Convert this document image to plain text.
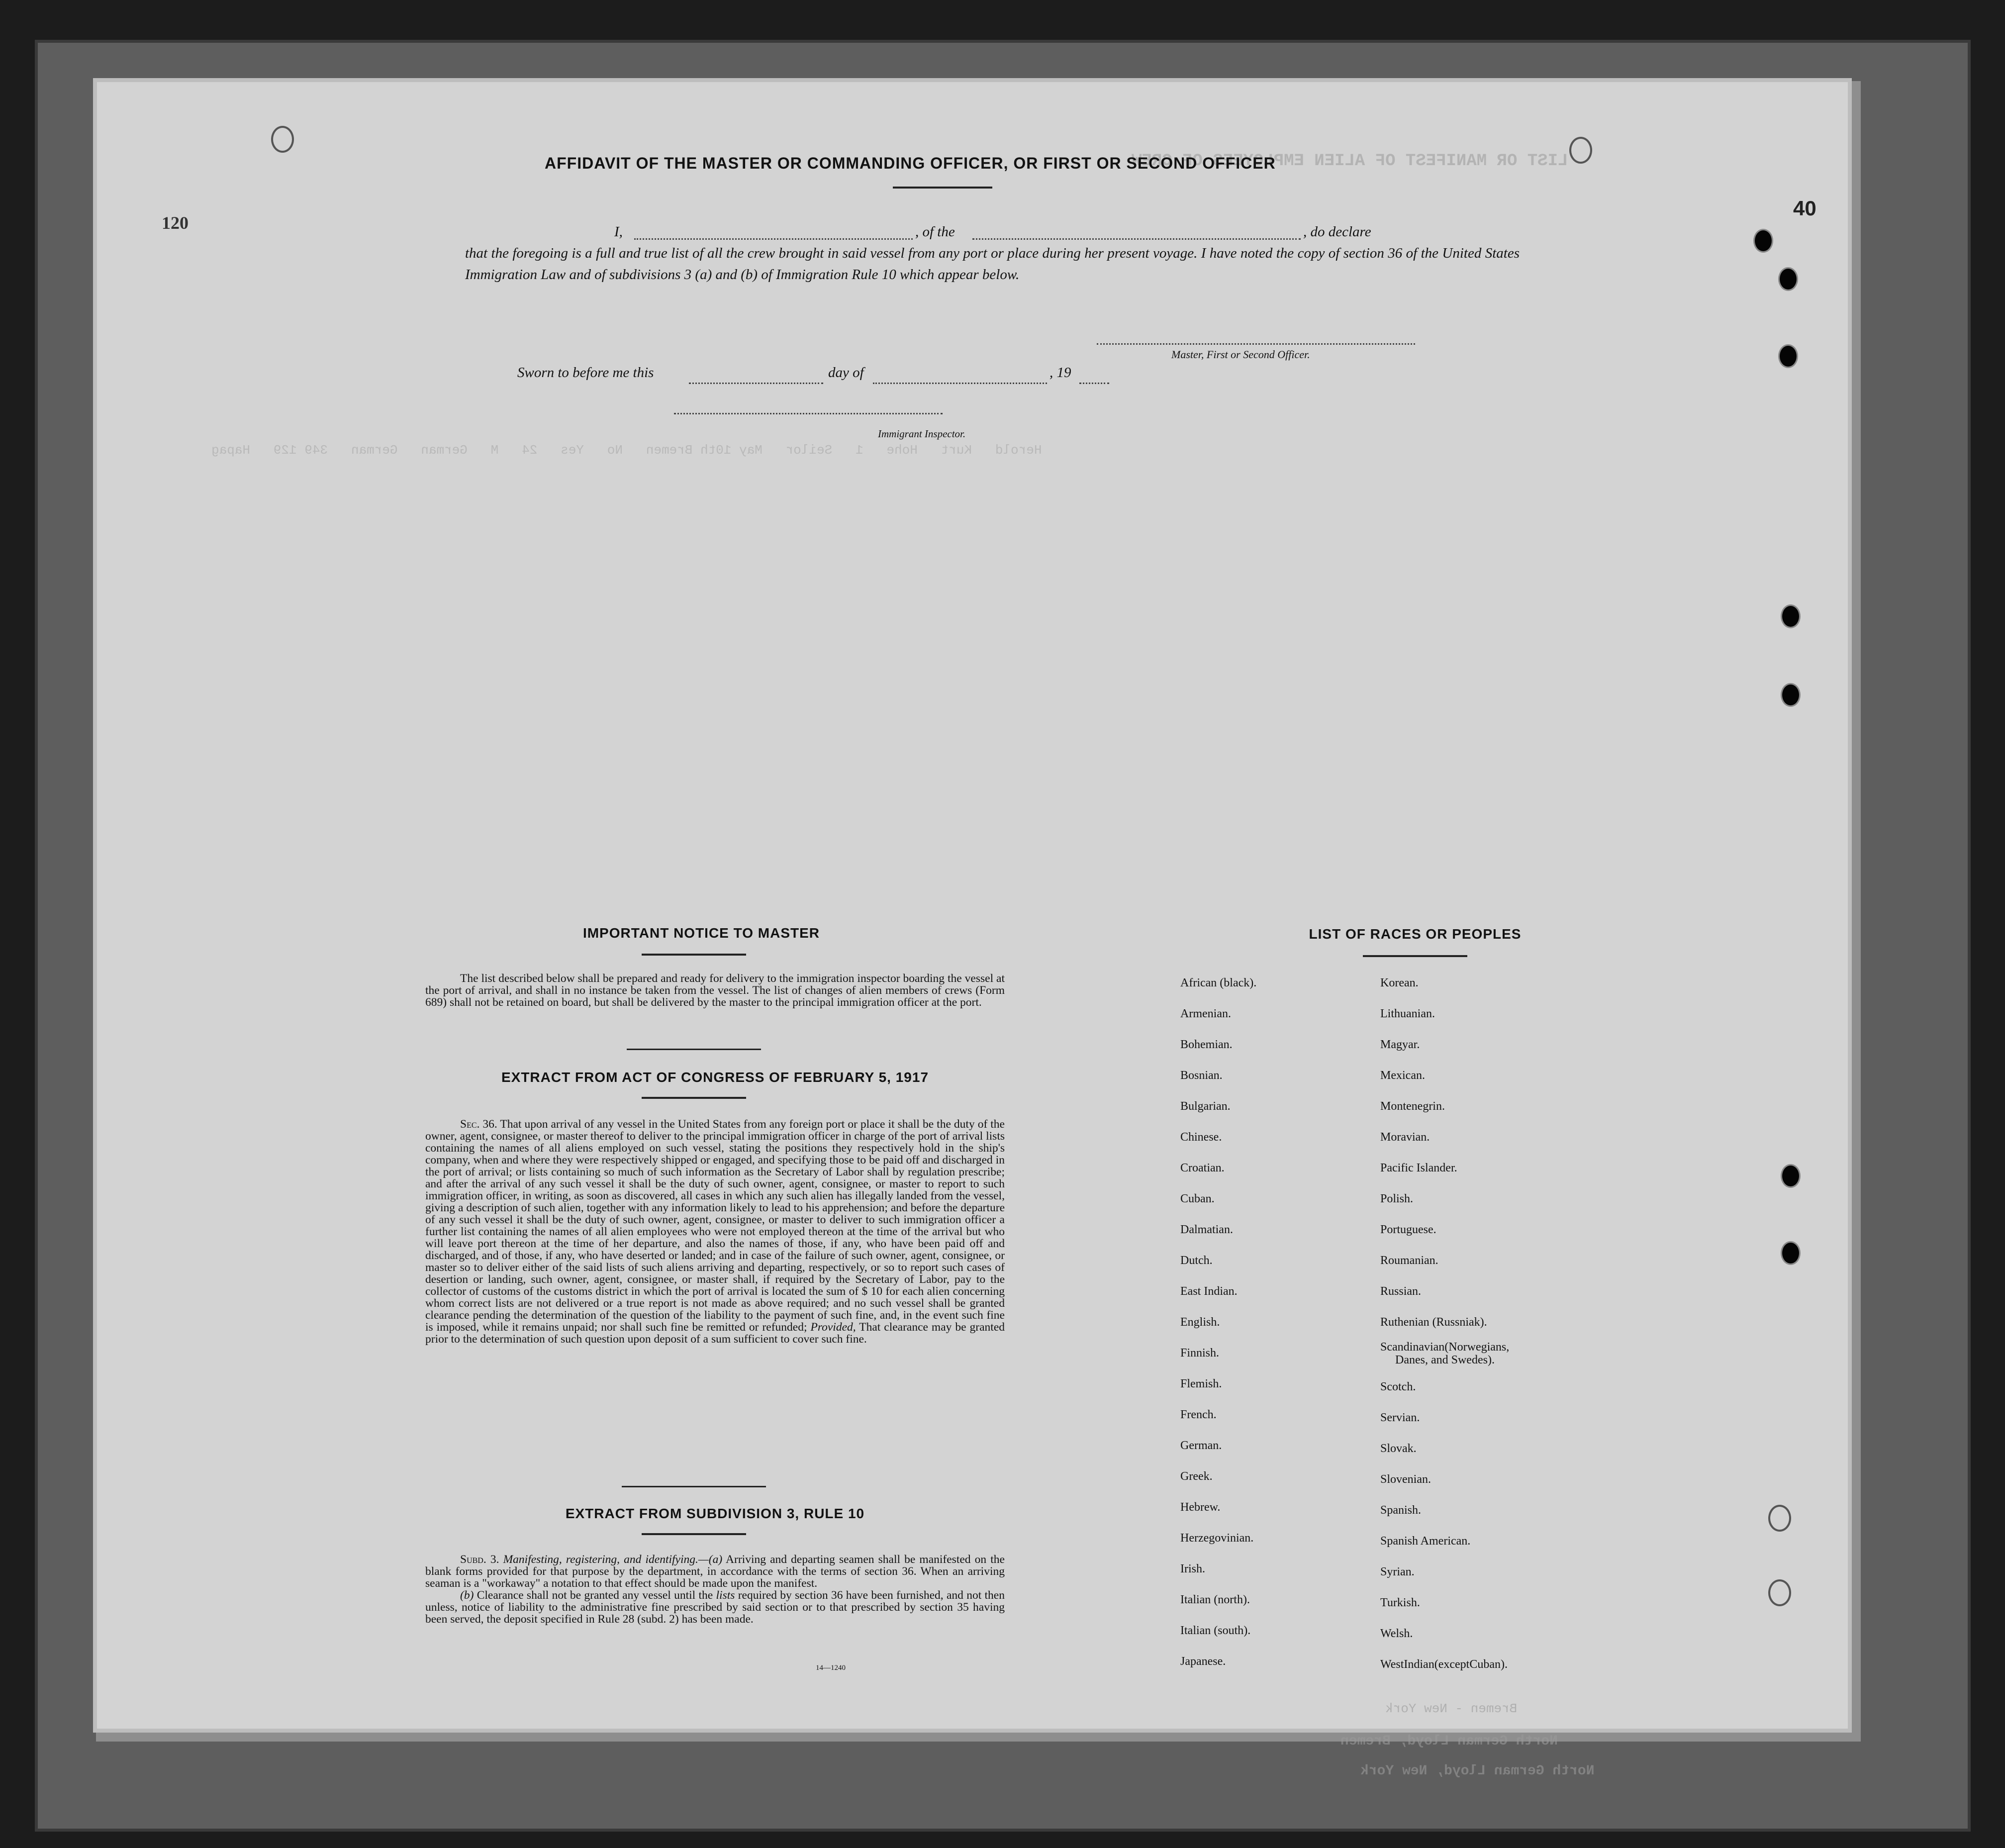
LIST OR MANIFEST OF ALIEN EMPLOYEES OF CREW
Herold   Kurt   Hohe   1   Seilor   May 10th Bremen   No   Yes   24   M   German   German   349 129   Hapag
Bremen - New York
North German Lloyd, Bremen
North German Lloyd, New York
120
40
AFFIDAVIT OF THE MASTER OR COMMANDING OFFICER, OR FIRST OR SECOND OFFICER
I,	, of the	, do declare

that the foregoing is a full and true list of all the crew brought in said vessel from any port or place during her present voyage. I have noted the copy of section 36 of the United States Immigration Law and of subdivisions 3 (a) and (b) of Immigration Rule 10 which appear below.

Master, First or Second Officer.
Sworn to before me this	day of	, 19
Immigrant Inspector.
IMPORTANT NOTICE TO MASTER

The list described below shall be prepared and ready for delivery to the immigration inspector boarding the vessel at the port of arrival, and shall in no instance be taken from the vessel. The list of changes of alien members of crews (Form 689) shall not be retained on board, but shall be delivered by the master to the principal immigration officer at the port.

EXTRACT FROM ACT OF CONGRESS OF FEBRUARY 5, 1917

Sec. 36. That upon arrival of any vessel in the United States from any foreign port or place it shall be the duty of the owner, agent, consignee, or master thereof to deliver to the principal immigration officer in charge of the port of arrival lists containing the names of all aliens employed on such vessel, stating the positions they respectively hold in the ship's company, when and where they were respectively shipped or engaged, and specifying those to be paid off and discharged in the port of arrival; or lists containing so much of such information as the Secretary of Labor shall by regulation prescribe; and after the arrival of any such vessel it shall be the duty of such owner, agent, consignee, or master to report to such immigration officer, in writing, as soon as discovered, all cases in which any such alien has illegally landed from the vessel, giving a description of such alien, together with any information likely to lead to his apprehension; and before the departure of any such vessel it shall be the duty of such owner, agent, consignee, or master to deliver to such immigration officer a further list containing the names of all alien employees who were not employed thereon at the time of the arrival but who will leave port thereon at the time of her departure, and also the names of those, if any, who have been paid off and discharged, and of those, if any, who have deserted or landed; and in case of the failure of such owner, agent, consignee, or master so to deliver either of the said lists of such aliens arriving and departing, respectively, or so to report such cases of desertion or landing, such owner, agent, consignee, or master shall, if required by the Secretary of Labor, pay to the collector of customs of the customs district in which the port of arrival is located the sum of $ 10 for each alien concerning whom correct lists are not delivered or a true report is not made as above required; and no such vessel shall be granted clearance pending the determination of the question of the liability to the payment of such fine, and, in the event such fine is imposed, while it remains unpaid; nor shall such fine be remitted or refunded; Provided, That clearance may be granted prior to the determination of such question upon deposit of a sum sufficient to cover such fine.

EXTRACT FROM SUBDIVISION 3, RULE 10

Subd. 3. Manifesting, registering, and identifying.—(a) Arriving and departing seamen shall be manifested on the blank forms provided for that purpose by the department, in accordance with the terms of section 36. When an arriving seaman is a "workaway" a notation to that effect should be made upon the manifest.

(b) Clearance shall not be granted any vessel until the lists required by section 36 have been furnished, and not then unless, notice of liability to the administrative fine prescribed by said section or to that prescribed by section 35 having been served, the deposit specified in Rule 28 (subd. 2) has been made.

14—1240
LIST OF RACES OR PEOPLES
African (black).
Armenian.
Bohemian.
Bosnian.
Bulgarian.
Chinese.
Croatian.
Cuban.
Dalmatian.
Dutch.
East Indian.
English.
Finnish.
Flemish.
French.
German.
Greek.
Hebrew.
Herzegovinian.
Irish.
Italian (north).
Italian (south).
Japanese.
Korean.
Lithuanian.
Magyar.
Mexican.
Montenegrin.
Moravian.
Pacific Islander.
Polish.
Portuguese.
Roumanian.
Russian.
Ruthenian (Russniak).
Scandinavian(Norwegians,
Danes, and Swedes).
Scotch.
Servian.
Slovak.
Slovenian.
Spanish.
Spanish American.
Syrian.
Turkish.
Welsh.
WestIndian(exceptCuban).
